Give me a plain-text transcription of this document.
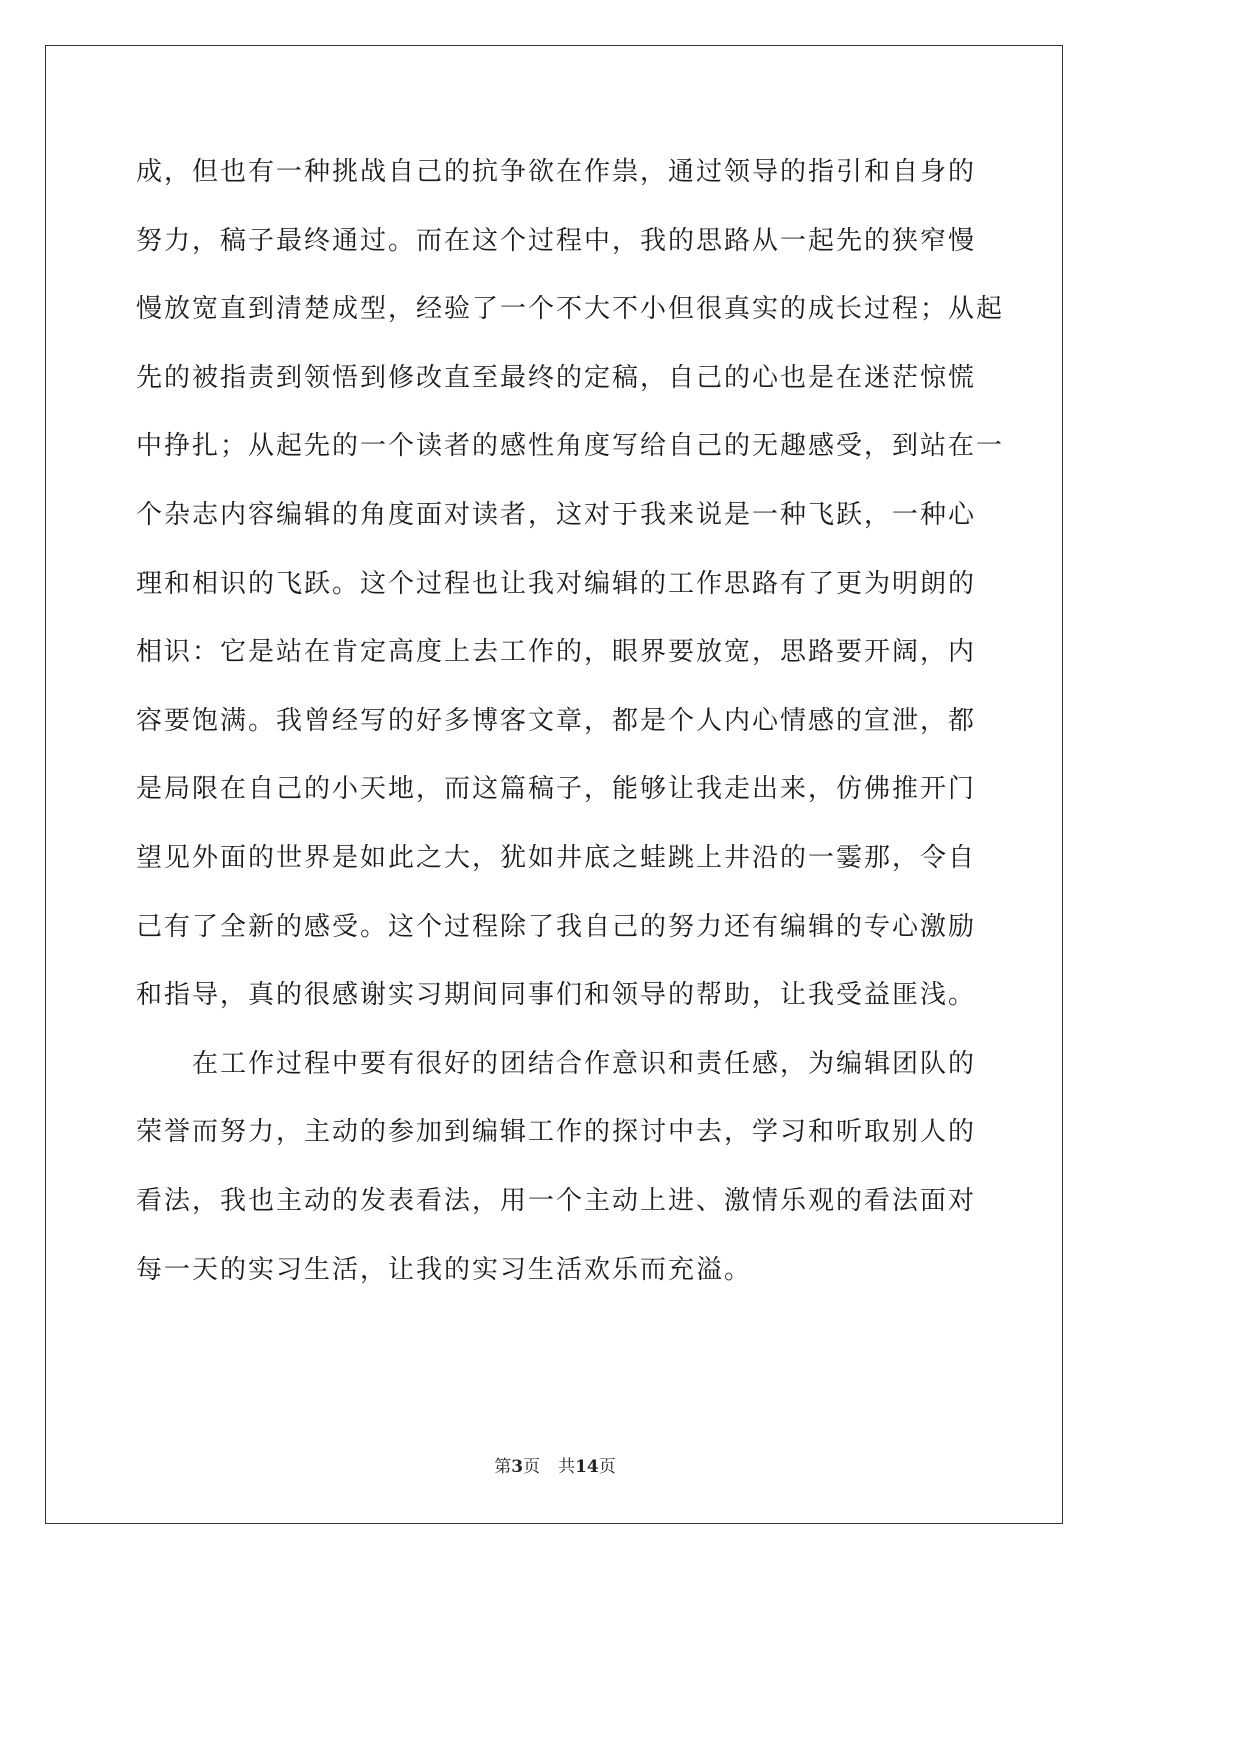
成，但也有一种挑战自己的抗争欲在作祟，通过领导的指引和自身的
努力，稿子最终通过。而在这个过程中，我的思路从一起先的狭窄慢
慢放宽直到清楚成型，经验了一个不大不小但很真实的成长过程；从起
先的被指责到领悟到修改直至最终的定稿，自己的心也是在迷茫惊慌
中挣扎；从起先的一个读者的感性角度写给自己的无趣感受，到站在一
个杂志内容编辑的角度面对读者，这对于我来说是一种飞跃，一种心
理和相识的飞跃。这个过程也让我对编辑的工作思路有了更为明朗的
相识：它是站在肯定高度上去工作的，眼界要放宽，思路要开阔，内
容要饱满。我曾经写的好多博客文章，都是个人内心情感的宣泄，都
是局限在自己的小天地，而这篇稿子，能够让我走出来，仿佛推开门
望见外面的世界是如此之大，犹如井底之蛙跳上井沿的一霎那，令自
己有了全新的感受。这个过程除了我自己的努力还有编辑的专心激励
和指导，真的很感谢实习期间同事们和领导的帮助，让我受益匪浅。
在工作过程中要有很好的团结合作意识和责任感，为编辑团队的
荣誉而努力，主动的参加到编辑工作的探讨中去，学习和听取别人的
看法，我也主动的发表看法，用一个主动上进、激情乐观的看法面对
每一天的实习生活，让我的实习生活欢乐而充溢。
第3页 共14页
